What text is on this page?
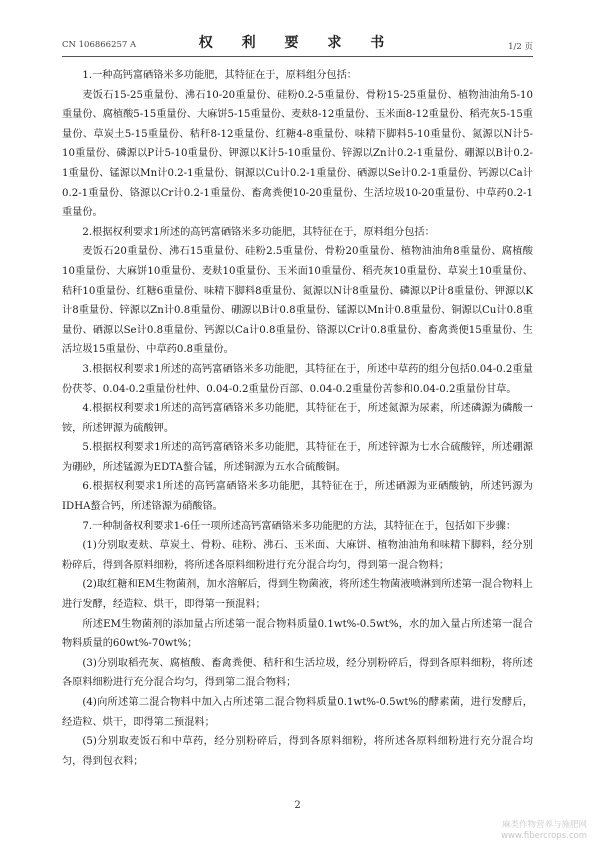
CN 106866257 A	权 利 要 求 书	1/2 页

1.一种高钙富硒铬米多功能肥，其特征在于，原料组分包括：

麦饭石15-25重量份、沸石10-20重量份、硅粉0.2-5重量份、骨粉15-25重量份、植物油油角5-10重量份、腐植酸5-15重量份、大麻饼5-15重量份、麦麸8-12重量份、玉米面8-12重量份、稻壳灰5-15重量份、草炭土5-15重量份、秸秆8-12重量份、红糖4-8重量份、味精下脚料5-10重量份、氮源以N计5-10重量份、磷源以P计5-10重量份、钾源以K计5-10重量份、锌源以Zn计0.2-1重量份、硼源以B计0.2-1重量份、锰源以Mn计0.2-1重量份、铜源以Cu计0.2-1重量份、硒源以Se计0.2-1重量份、钙源以Ca计0.2-1重量份、铬源以Cr计0.2-1重量份、畜禽粪便10-20重量份、生活垃圾10-20重量份、中草药0.2-1重量份。

2.根据权利要求1所述的高钙富硒铬米多功能肥，其特征在于，原料组分包括：

麦饭石20重量份、沸石15重量份、硅粉2.5重量份、骨粉20重量份、植物油油角8重量份、腐植酸10重量份、大麻饼10重量份、麦麸10重量份、玉米面10重量份、稻壳灰10重量份、草炭土10重量份、秸秆10重量份、红糖6重量份、味精下脚料8重量份、氮源以N计8重量份、磷源以P计8重量份、钾源以K计8重量份、锌源以Zn计0.8重量份、硼源以B计0.8重量份、锰源以Mn计0.8重量份、铜源以Cu计0.8重量份、硒源以Se计0.8重量份、钙源以Ca计0.8重量份、铬源以Cr计0.8重量份、畜禽粪便15重量份、生活垃圾15重量份、中草药0.8重量份。

3.根据权利要求1所述的高钙富硒铬米多功能肥，其特征在于，所述中草药的组分包括0.04-0.2重量份茯苓、0.04-0.2重量份杜仲、0.04-0.2重量份百部、0.04-0.2重量份苦参和0.04-0.2重量份甘草。

4.根据权利要求1所述的高钙富硒铬米多功能肥，其特征在于，所述氮源为尿素，所述磷源为磷酸一铵，所述钾源为硫酸钾。

5.根据权利要求1所述的高钙富硒铬米多功能肥，其特征在于，所述锌源为七水合硫酸锌，所述硼源为硼砂，所述锰源为EDTA螯合锰，所述铜源为五水合硫酸铜。

6.根据权利要求1所述的高钙富硒铬米多功能肥，其特征在于，所述硒源为亚硒酸钠，所述钙源为IDHA螯合钙，所述铬源为硝酸铬。

7.一种制备权利要求1-6任一项所述高钙富硒铬米多功能肥的方法，其特征在于，包括如下步骤：

(1)分别取麦麸、草炭土、骨粉、硅粉、沸石、玉米面、大麻饼、植物油油角和味精下脚料，经分别粉碎后，得到各原料细粉，将所述各原料细粉进行充分混合均匀，得到第一混合物料；

(2)取红糖和EM生物菌剂，加水溶解后，得到生物菌液，将所述生物菌液喷淋到所述第一混合物料上进行发酵，经造粒、烘干，即得第一预混料；

所述EM生物菌剂的添加量占所述第一混合物料质量0.1wt%-0.5wt%，水的加入量占所述第一混合物料质量的60wt%-70wt%；

(3)分别取稻壳灰、腐植酸、畜禽粪便、秸秆和生活垃圾，经分别粉碎后，得到各原料细粉，将所述各原料细粉进行充分混合均匀，得到第二混合物料；

(4)向所述第二混合物料中加入占所述第二混合物料质量0.1wt%-0.5wt%的酵素菌，进行发酵后，经造粒、烘干，即得第二预混料；

(5)分别取麦饭石和中草药，经分别粉碎后，得到各原料细粉，将所述各原料细粉进行充分混合均匀，得到包衣料；

2
麻类作物营养与施肥网
www.fibercrops.com
